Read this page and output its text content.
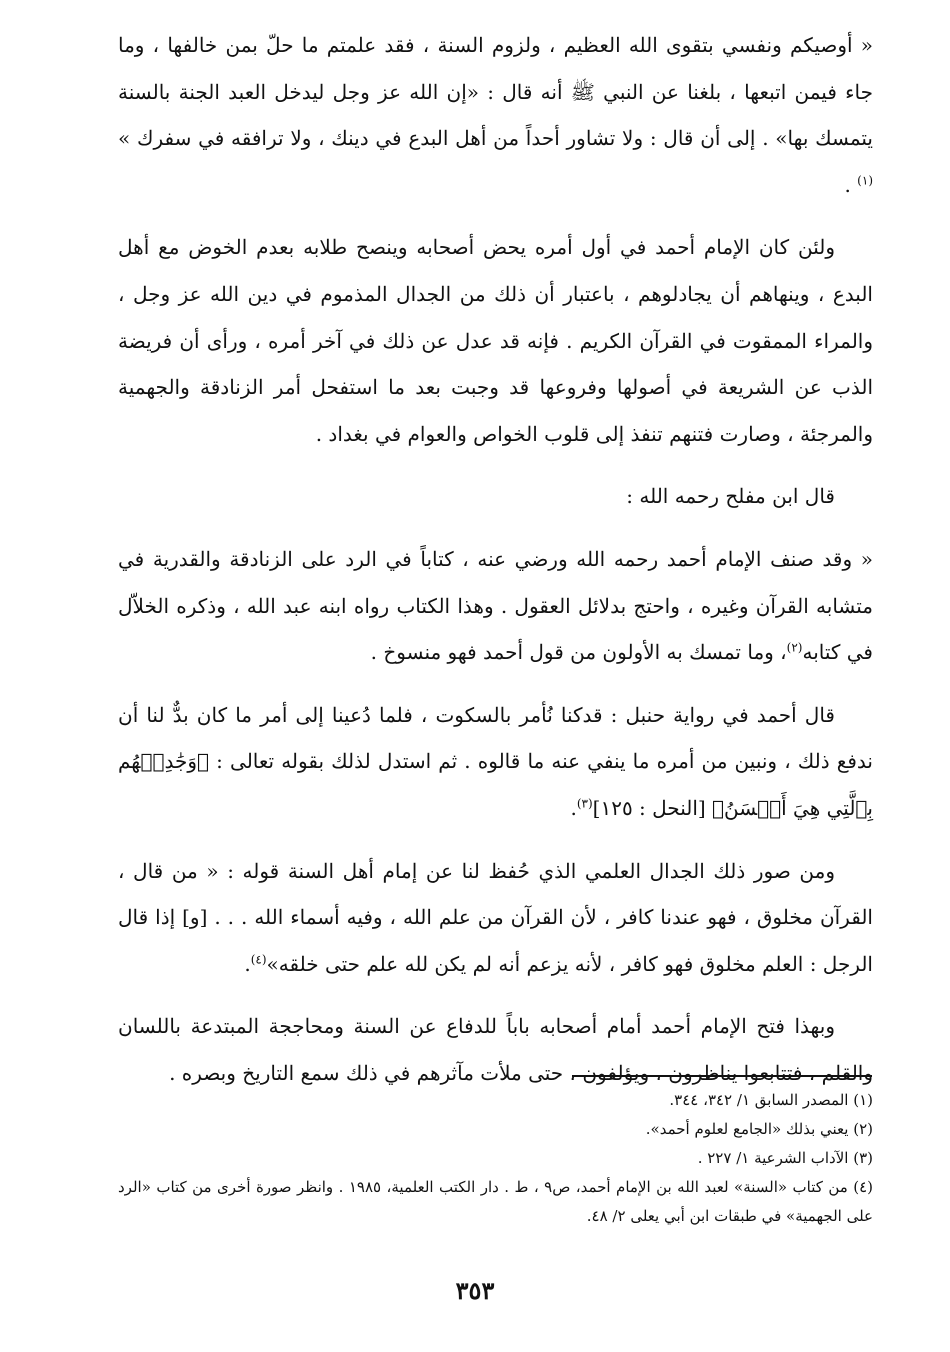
« أوصيكم ونفسي بتقوى الله العظيم ، ولزوم السنة ، فقد علمتم ما حلّ بمن خالفها ، وما جاء فيمن اتبعها ، بلغنا عن النبي ﷺ أنه قال : «إن الله عز وجل ليدخل العبد الجنة بالسنة يتمسك بها» . إلى أن قال : ولا تشاور أحداً من أهل البدع في دينك ، ولا ترافقه في سفرك » $^{(١)}$ .

ولئن كان الإمام أحمد في أول أمره يحض أصحابه وينصح طلابه بعدم الخوض مع أهل البدع ، وينهاهم أن يجادلوهم ، باعتبار أن ذلك من الجدال المذموم في دين الله عز وجل ، والمراء الممقوت في القرآن الكريم . فإنه قد عدل عن ذلك في آخر أمره ، ورأى أن فريضة الذب عن الشريعة في أصولها وفروعها قد وجبت بعد ما استفحل أمر الزنادقة والجهمية والمرجئة ، وصارت فتنهم تنفذ إلى قلوب الخواص والعوام في بغداد .

قال ابن مفلح رحمه الله :

« وقد صنف الإمام أحمد رحمه الله ورضي عنه ، كتاباً في الرد على الزنادقة والقدرية في متشابه القرآن وغيره ، واحتج بدلائل العقول . وهذا الكتاب رواه ابنه عبد الله ، وذكره الخلاّل في كتابه$^{(٢)}$، وما تمسك به الأولون من قول أحمد فهو منسوخ .

قال أحمد في رواية حنبل : قدكنا نُأمر بالسكوت ، فلما دُعينا إلى أمر ما كان بدٌّ لنا أن ندفع ذلك ، ونبين من أمره ما ينفي عنه ما قالوه . ثم استدل لذلك بقوله تعالى : ﴿وَجَٰدِلۡهُم بِٱلَّتِي هِيَ أَحۡسَنُ﴾ [النحل : ١٢٥]$^{(٣)}$.

ومن صور ذلك الجدال العلمي الذي حُفظ لنا عن إمام أهل السنة قوله : « من قال ، القرآن مخلوق ، فهو عندنا كافر ، لأن القرآن من علم الله ، وفيه أسماء الله . . . [و] إذا قال الرجل : العلم مخلوق فهو كافر ، لأنه يزعم أنه لم يكن لله علم حتى خلقه»$^{(٤)}$.

وبهذا فتح الإمام أحمد أمام أصحابه باباً للدفاع عن السنة ومحاججة المبتدعة باللسان والقلم ، فتتابعوا يناظرون ، ويؤلفون ، حتى ملأت مآثرهم في ذلك سمع التاريخ وبصره .

(١) المصدر السابق ١/ ٣٤٢، ٣٤٤.

(٢) يعني بذلك «الجامع لعلوم أحمد».

(٣) الآداب الشرعية ١/ ٢٢٧ .

(٤) من كتاب «السنة» لعبد الله بن الإمام أحمد، ص٩ ، ط . دار الكتب العلمية، ١٩٨٥ . وانظر صورة أخرى من كتاب «الرد على الجهمية» في طبقات ابن أبي يعلى ٢/ ٤٨.

٣٥٣
